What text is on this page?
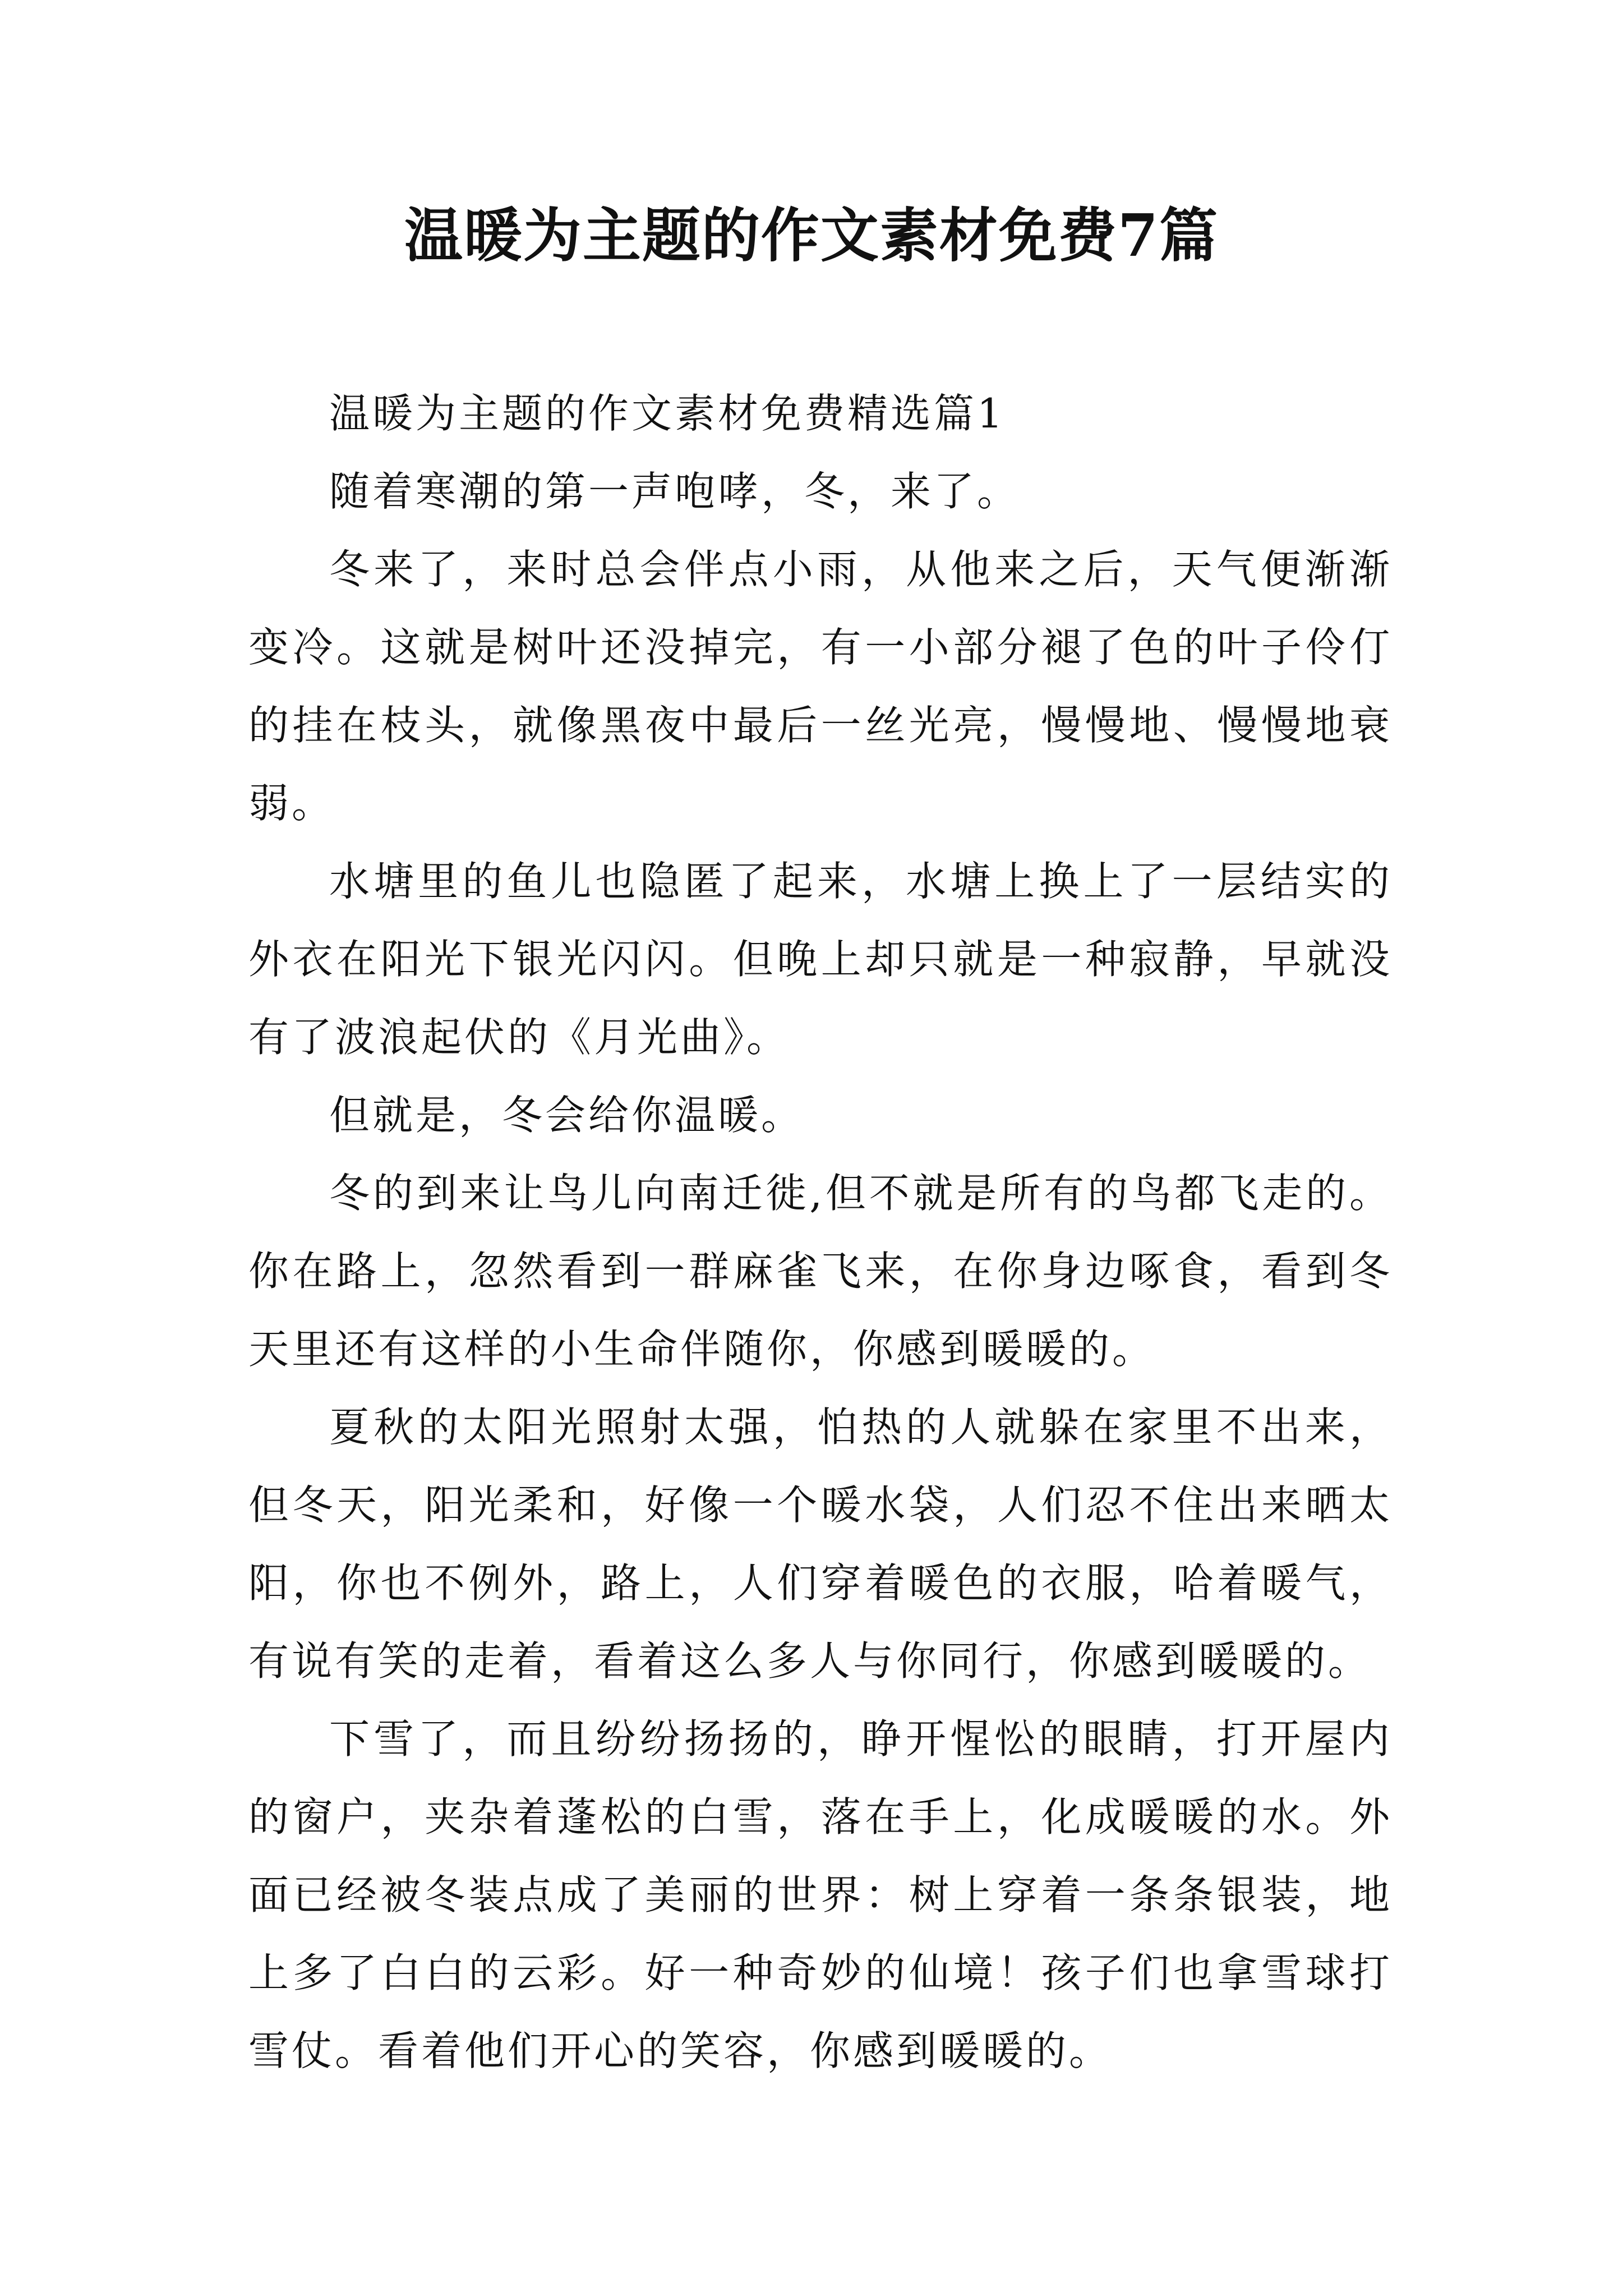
温暖为主题的作文素材免费7篇

温暖为主题的作文素材免费精选篇1

随着寒潮的第一声咆哮，冬，来了。

冬来了，来时总会伴点小雨，从他来之后，天气便渐渐变冷。这就是树叶还没掉完，有一小部分褪了色的叶子伶仃的挂在枝头，就像黑夜中最后一丝光亮，慢慢地、慢慢地衰弱。

水塘里的鱼儿也隐匿了起来，水塘上换上了一层结实的外衣在阳光下银光闪闪。但晚上却只就是一种寂静，早就没有了波浪起伏的《月光曲》。

但就是，冬会给你温暖。

冬的到来让鸟儿向南迁徙,但不就是所有的鸟都飞走的。你在路上，忽然看到一群麻雀飞来，在你身边啄食，看到冬天里还有这样的小生命伴随你，你感到暖暖的。

夏秋的太阳光照射太强，怕热的人就躲在家里不出来，但冬天，阳光柔和，好像一个暖水袋，人们忍不住出来晒太阳，你也不例外，路上，人们穿着暖色的衣服，哈着暖气，有说有笑的走着，看着这么多人与你同行，你感到暖暖的。

下雪了，而且纷纷扬扬的，睁开惺忪的眼睛，打开屋内的窗户，夹杂着蓬松的白雪，落在手上，化成暖暖的水。外面已经被冬装点成了美丽的世界：树上穿着一条条银装，地上多了白白的云彩。好一种奇妙的仙境！孩子们也拿雪球打雪仗。看着他们开心的笑容，你感到暖暖的。
